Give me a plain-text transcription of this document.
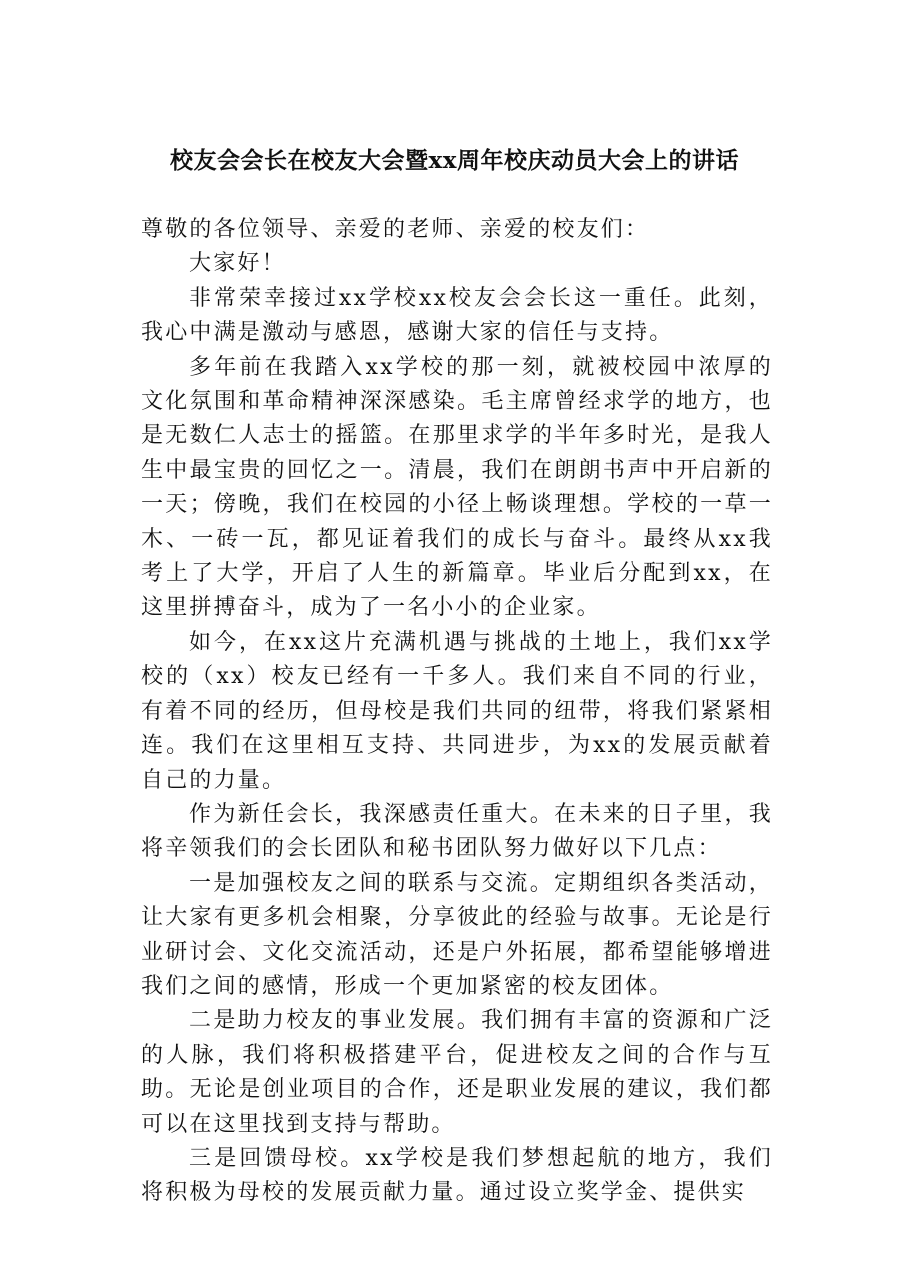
校友会会长在校友大会暨xx周年校庆动员大会上的讲话

尊敬的各位领导、亲爱的老师、亲爱的校友们：

大家好！

非常荣幸接过xx学校xx校友会会长这一重任。此刻，我心中满是激动与感恩，感谢大家的信任与支持。

多年前在我踏入xx学校的那一刻，就被校园中浓厚的文化氛围和革命精神深深感染。毛主席曾经求学的地方，也是无数仁人志士的摇篮。在那里求学的半年多时光，是我人生中最宝贵的回忆之一。清晨，我们在朗朗书声中开启新的一天；傍晚，我们在校园的小径上畅谈理想。学校的一草一木、一砖一瓦，都见证着我们的成长与奋斗。最终从xx我考上了大学，开启了人生的新篇章。毕业后分配到xx，在这里拼搏奋斗，成为了一名小小的企业家。

如今，在xx这片充满机遇与挑战的土地上，我们xx学校的（xx）校友已经有一千多人。我们来自不同的行业，有着不同的经历，但母校是我们共同的纽带，将我们紧紧相连。我们在这里相互支持、共同进步，为xx的发展贡献着自己的力量。

作为新任会长，我深感责任重大。在未来的日子里，我将辛领我们的会长团队和秘书团队努力做好以下几点：

一是加强校友之间的联系与交流。定期组织各类活动，让大家有更多机会相聚，分享彼此的经验与故事。无论是行业研讨会、文化交流活动，还是户外拓展，都希望能够增进我们之间的感情，形成一个更加紧密的校友团体。

二是助力校友的事业发展。我们拥有丰富的资源和广泛的人脉，我们将积极搭建平台，促进校友之间的合作与互助。无论是创业项目的合作，还是职业发展的建议，我们都可以在这里找到支持与帮助。

三是回馈母校。xx学校是我们梦想起航的地方，我们将积极为母校的发展贡献力量。通过设立奖学金、提供实
